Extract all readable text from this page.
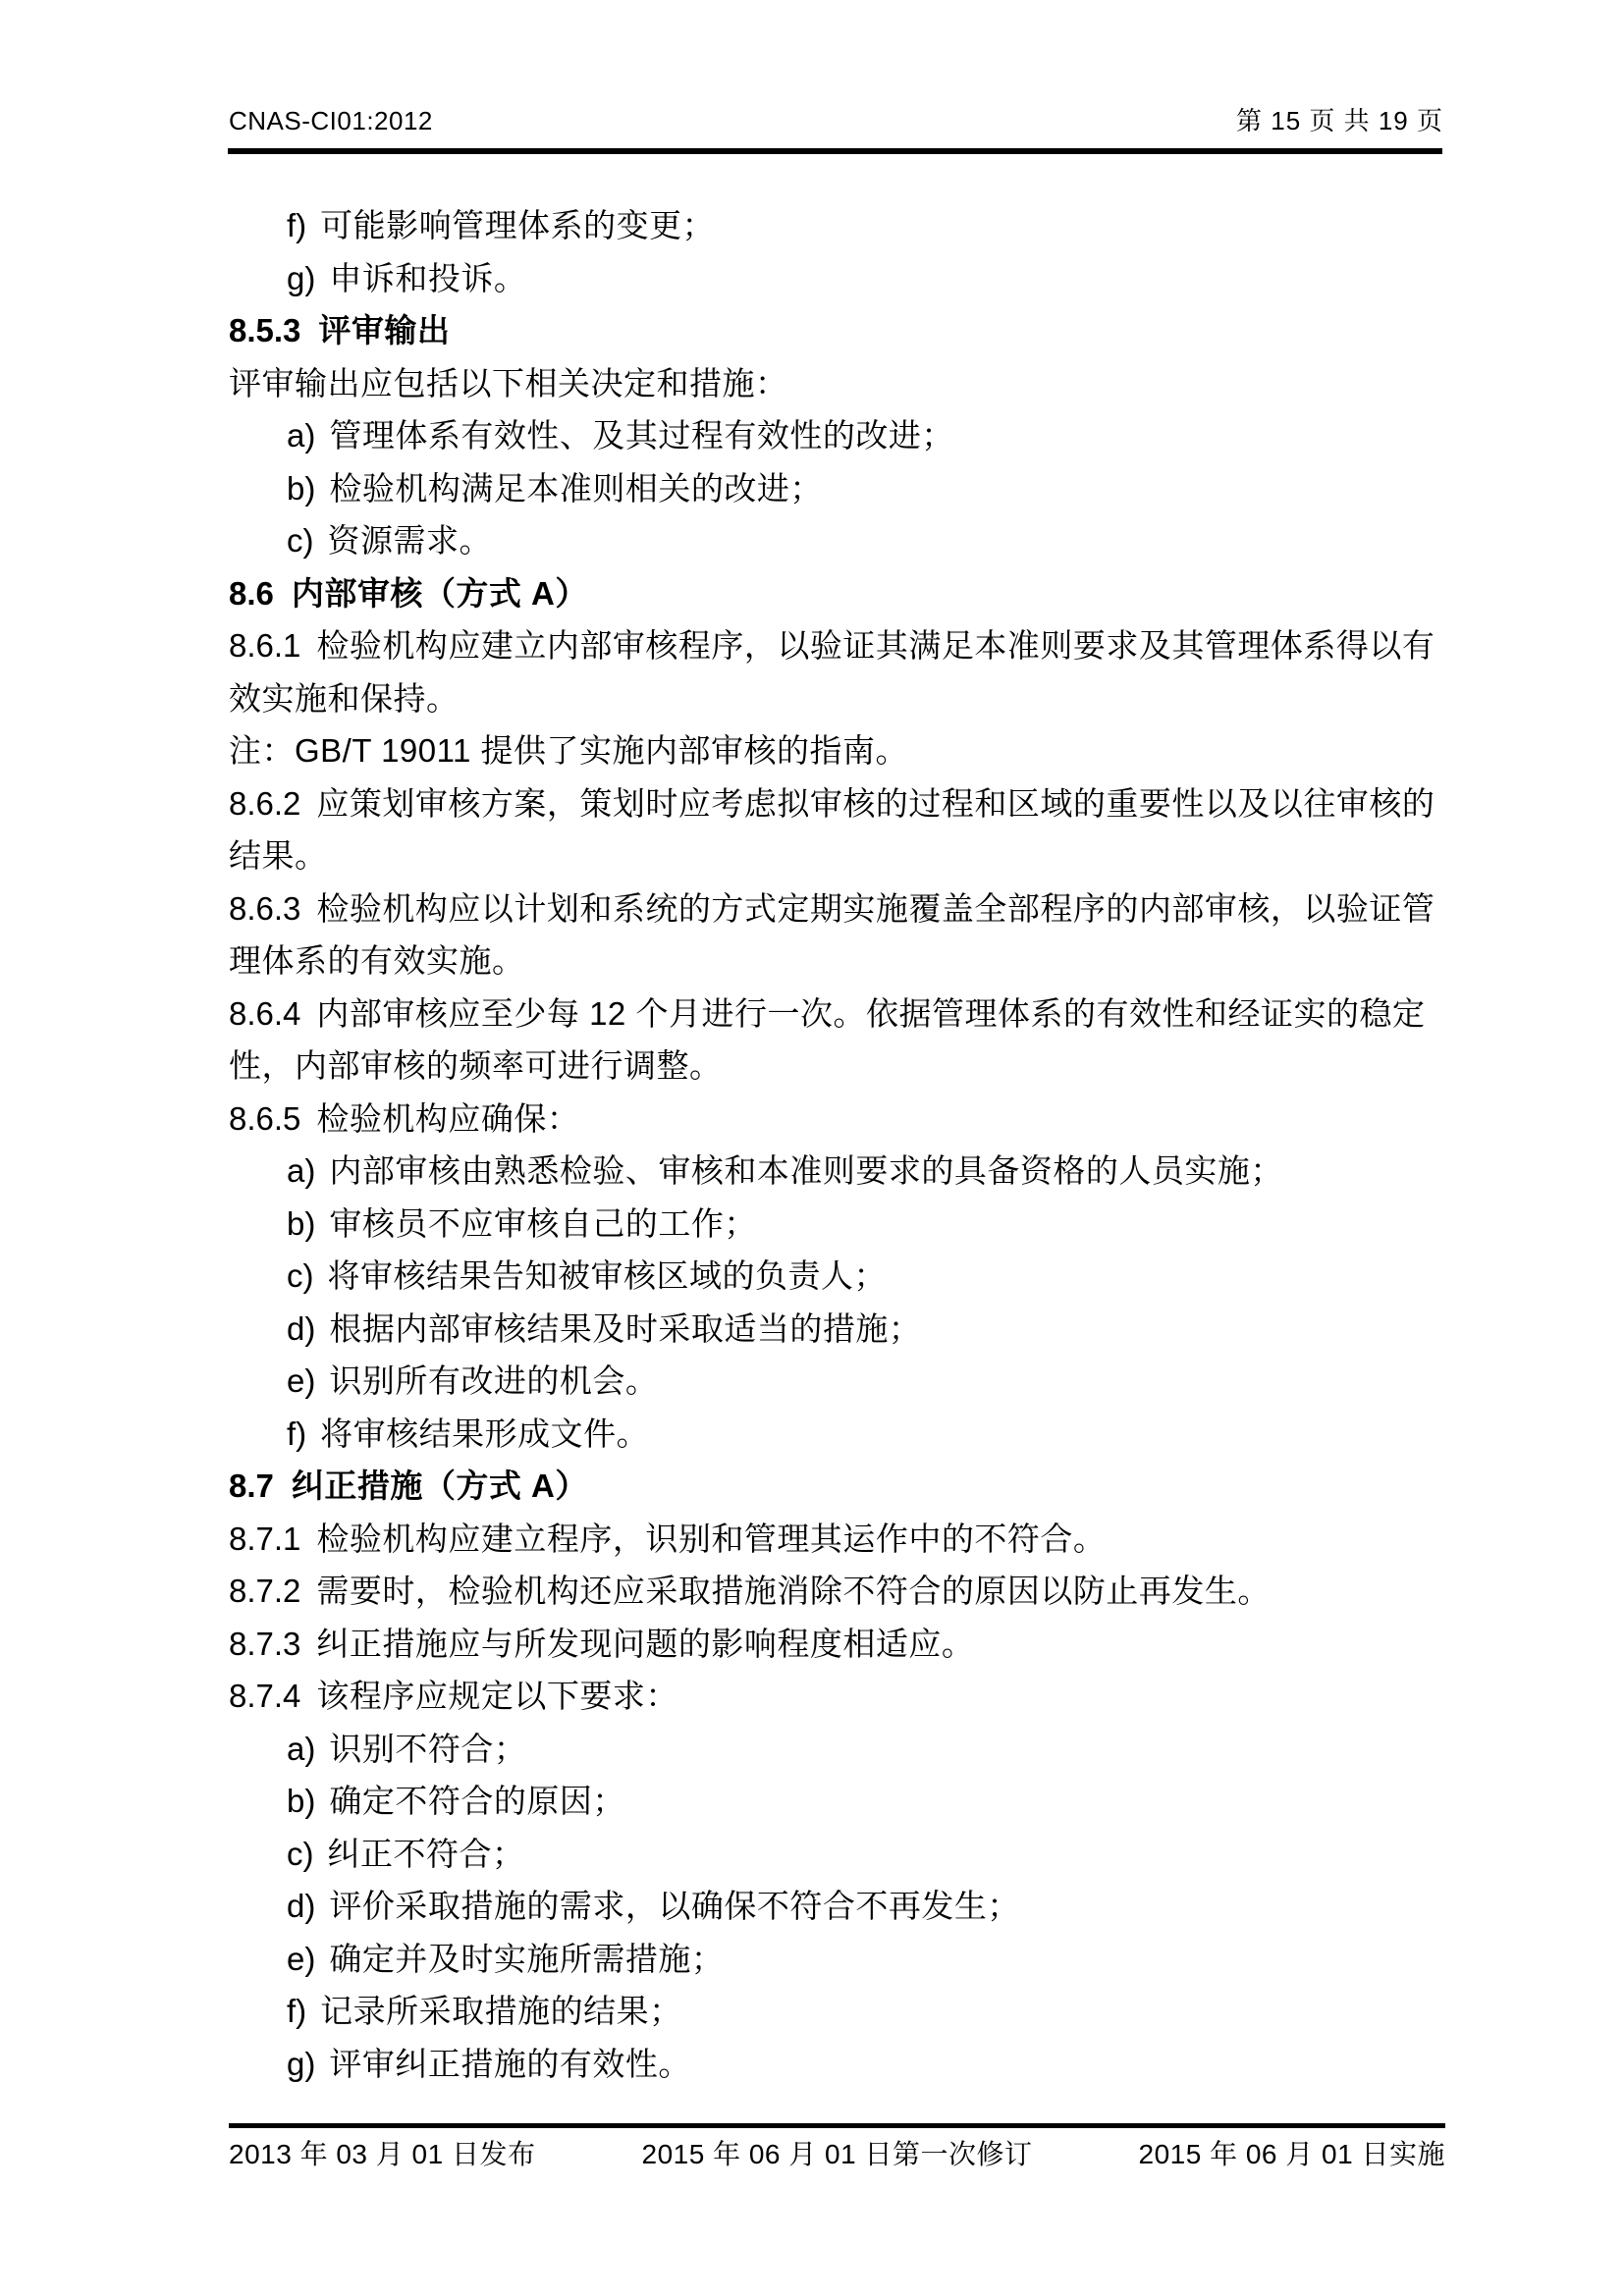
CNAS-CI01:2012	第 15 页 共 19 页
f) 可能影响管理体系的变更；
g) 申诉和投诉。
8.5.3 评审输出
评审输出应包括以下相关决定和措施：
a) 管理体系有效性、及其过程有效性的改进；
b) 检验机构满足本准则相关的改进；
c) 资源需求。
8.6 内部审核（方式 A）
8.6.1 检验机构应建立内部审核程序，以验证其满足本准则要求及其管理体系得以有
效实施和保持。
注：GB/T 19011 提供了实施内部审核的指南。
8.6.2 应策划审核方案，策划时应考虑拟审核的过程和区域的重要性以及以往审核的
结果。
8.6.3 检验机构应以计划和系统的方式定期实施覆盖全部程序的内部审核，以验证管
理体系的有效实施。
8.6.4 内部审核应至少每 12 个月进行一次。依据管理体系的有效性和经证实的稳定
性，内部审核的频率可进行调整。
8.6.5 检验机构应确保：
a) 内部审核由熟悉检验、审核和本准则要求的具备资格的人员实施；
b) 审核员不应审核自己的工作；
c) 将审核结果告知被审核区域的负责人；
d) 根据内部审核结果及时采取适当的措施；
e) 识别所有改进的机会。
f) 将审核结果形成文件。
8.7 纠正措施（方式 A）
8.7.1 检验机构应建立程序，识别和管理其运作中的不符合。
8.7.2 需要时，检验机构还应采取措施消除不符合的原因以防止再发生。
8.7.3 纠正措施应与所发现问题的影响程度相适应。
8.7.4 该程序应规定以下要求：
a) 识别不符合；
b) 确定不符合的原因；
c) 纠正不符合；
d) 评价采取措施的需求，以确保不符合不再发生；
e) 确定并及时实施所需措施；
f) 记录所采取措施的结果；
g) 评审纠正措施的有效性。
2013 年 03 月 01 日发布	2015 年 06 月 01 日第一次修订	2015 年 06 月 01 日实施
